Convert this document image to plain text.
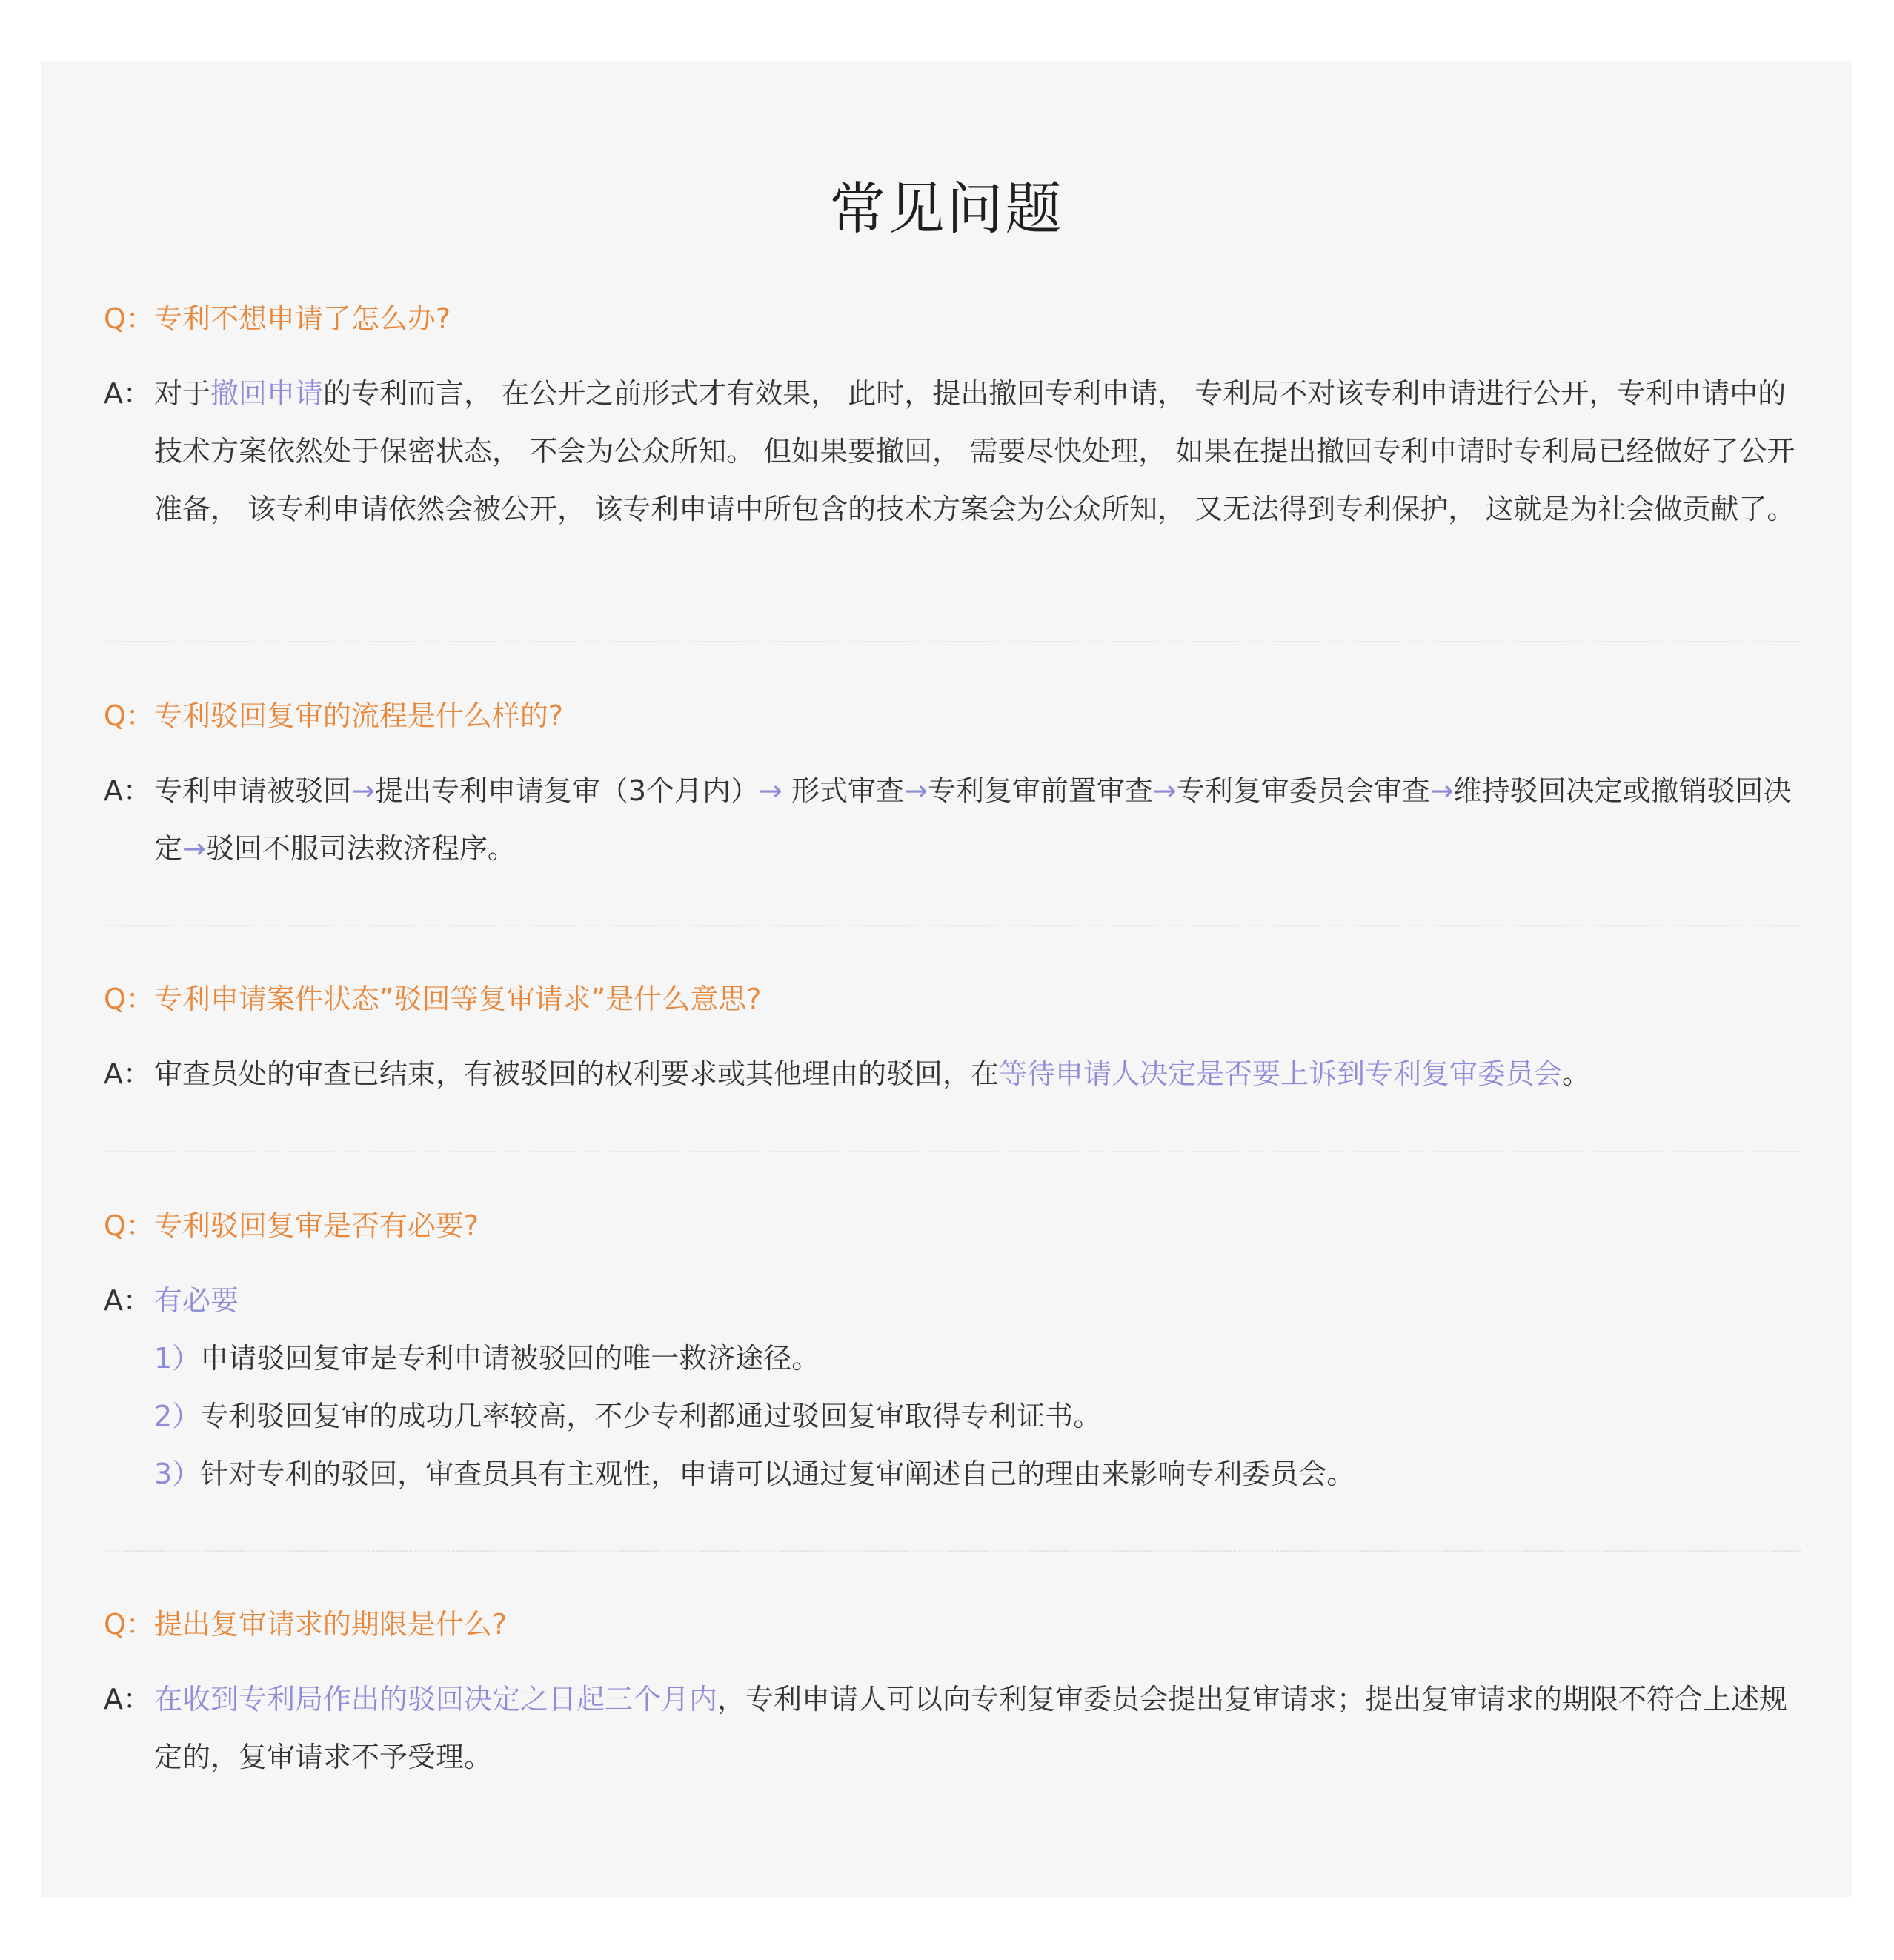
常见问题
Q：专利不想申请了怎么办?
A： 对于撤回申请的专利而言， 在公开之前形式才有效果， 此时，提出撤回专利申请， 专利局不对该专利申请进行公开，专利申请中的技术方案依然处于保密状态， 不会为公众所知。 但如果要撤回， 需要尽快处理， 如果在提出撤回专利申请时专利局已经做好了公开准备， 该专利申请依然会被公开， 该专利申请中所包含的技术方案会为公众所知， 又无法得到专利保护， 这就是为社会做贡献了。
Q：专利驳回复审的流程是什么样的?
A： 专利申请被驳回→提出专利申请复审（3个月内）→ 形式审查→专利复审前置审查→专利复审委员会审查→维持驳回决定或撤销驳回决定→驳回不服司法救济程序。
Q：专利申请案件状态”驳回等复审请求”是什么意思?
A： 审查员处的审查已结束，有被驳回的权利要求或其他理由的驳回，在等待申请人决定是否要上诉到专利复审委员会。
Q：专利驳回复审是否有必要?
A： 有必要
1）申请驳回复审是专利申请被驳回的唯一救济途径。
2）专利驳回复审的成功几率较高，不少专利都通过驳回复审取得专利证书。
3）针对专利的驳回，审查员具有主观性，申请可以通过复审阐述自己的理由来影响专利委员会。
Q：提出复审请求的期限是什么?
A： 在收到专利局作出的驳回决定之日起三个月内，专利申请人可以向专利复审委员会提出复审请求；提出复审请求的期限不符合上述规定的，复审请求不予受理。
